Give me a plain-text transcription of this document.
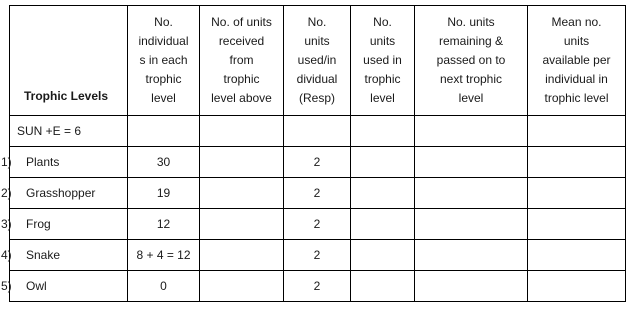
Trophic Levels	No.
individual
s in each
trophic
level	No. of units
received
from
trophic
level above	No.
units
used/in
dividual
(Resp)	No.
units
used in
trophic
level	No. units
remaining &
passed on to
next trophic
level	Mean no.
units
available per
individual in
trophic level

SUN +E = 6						
1) Plants	30		2			
2) Grasshopper	19		2			
3) Frog	12		2			
4) Snake	8 + 4 = 12		2			
5) Owl	0		2			
